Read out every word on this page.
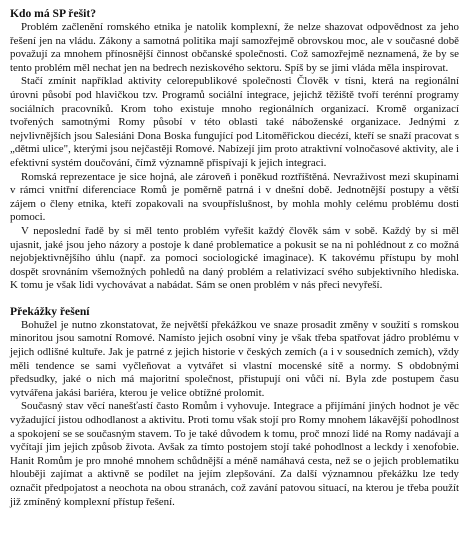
Kdo má SP řešit?

Problém začlenění romského etnika je natolik komplexní, že nelze shazovat odpovědnost za jeho řešení jen na vládu. Zákony a samotná politika mají samozřejmě obrovskou moc, ale v současné době považují za mnohem přínosnější činnost občanské společnosti. Což samozřejmě neznamená, že by se tento problém měl nechat jen na bedrech neziskového sektoru. Spíš by se jimi vláda měla inspirovat.

Stačí zmínit například aktivity celorepublikové společnosti Člověk v tísni, která na regionální úrovni působí pod hlavičkou tzv. Programů sociální integrace, jejichž těžiště tvoří terénní programy sociálních pracovníků. Krom toho existuje mnoho regionálních organizací. Kromě organizací tvořených samotnými Romy působí v této oblasti také náboženské organizace. Jednými z nejvlivnějších jsou Salesiáni Dona Boska fungující pod Litoměřickou diecézí, kteří se snaží pracovat s „dětmi ulice", kterými jsou nejčastěji Romové. Nabízejí jim proto atraktivní volnočasové aktivity, ale i efektivní systém doučování, čímž významně přispívají k jejich integraci.

Romská reprezentace je sice hojná, ale zároveň i poněkud roztříštěná. Nevraživost mezi skupinami v rámci vnitřní diferenciace Romů je poměrně patrná i v dnešní době. Jednotnější postupy a větší zájem o členy etnika, kteří zopakovali na svoupříslušnost, by mohla mohly celému problému dosti pomoci.

V neposlední řadě by si měl tento problém vyřešit každý člověk sám v sobě. Každý by si měl ujasnit, jaké jsou jeho názory a postoje k dané problematice a pokusit se na ni pohlédnout z co možná nejobjektivnějšího úhlu (např. za pomoci sociologické imaginace). K takovému přístupu by mohl dospět srovnáním všemožných pohledů na daný problém a relativizací svého subjektivního hlediska. K tomu je však lidi vychovávat a nabádat. Sám se onen problém v nás přeci nevyřeší.

Překážky řešení

Bohužel je nutno zkonstatovat, že největší překážkou ve snaze prosadit změny v soužití s romskou minoritou jsou samotní Romové. Namísto jejich osobní viny je však třeba spatřovat jádro problému v jejich odlišné kultuře. Jak je patrné z jejich historie v českých zemích (a i v sousedních zemích), vždy měli tendence se sami vyčleňovat a vytvářet si vlastní mocenské sítě a normy. S obdobnými předsudky, jaké o nich má majoritní společnost, přistupují oni vůči ní. Byla zde postupem času vytvářena jakási bariéra, kterou je velice obtížné prolomit.

Současný stav věcí nanešťastí často Romům i vyhovuje. Integrace a přijímání jiných hodnot je věc vyžadující jistou odhodlanost a aktivitu. Proti tomu však stojí pro Romy mnohem lákavější pohodlnost a spokojení se se současným stavem. To je také důvodem k tomu, proč mnozí lidé na Romy nadávají a vyčítají jim jejich způsob života. Avšak za tímto postojem stojí také pohodlnost a leckdy i xenofobie. Hanit Romům je pro mnohé mnohem schůdnější a méně namáhavá cesta, než se o jejich problematiku hlouběji zajímat a aktivně se podílet na jejím zlepšování. Za další významnou překážku lze tedy označit předpojatost a neochota na obou stranách, což zavání patovou situací, na kterou je třeba použít již zmíněný komplexní přístup řešení.
